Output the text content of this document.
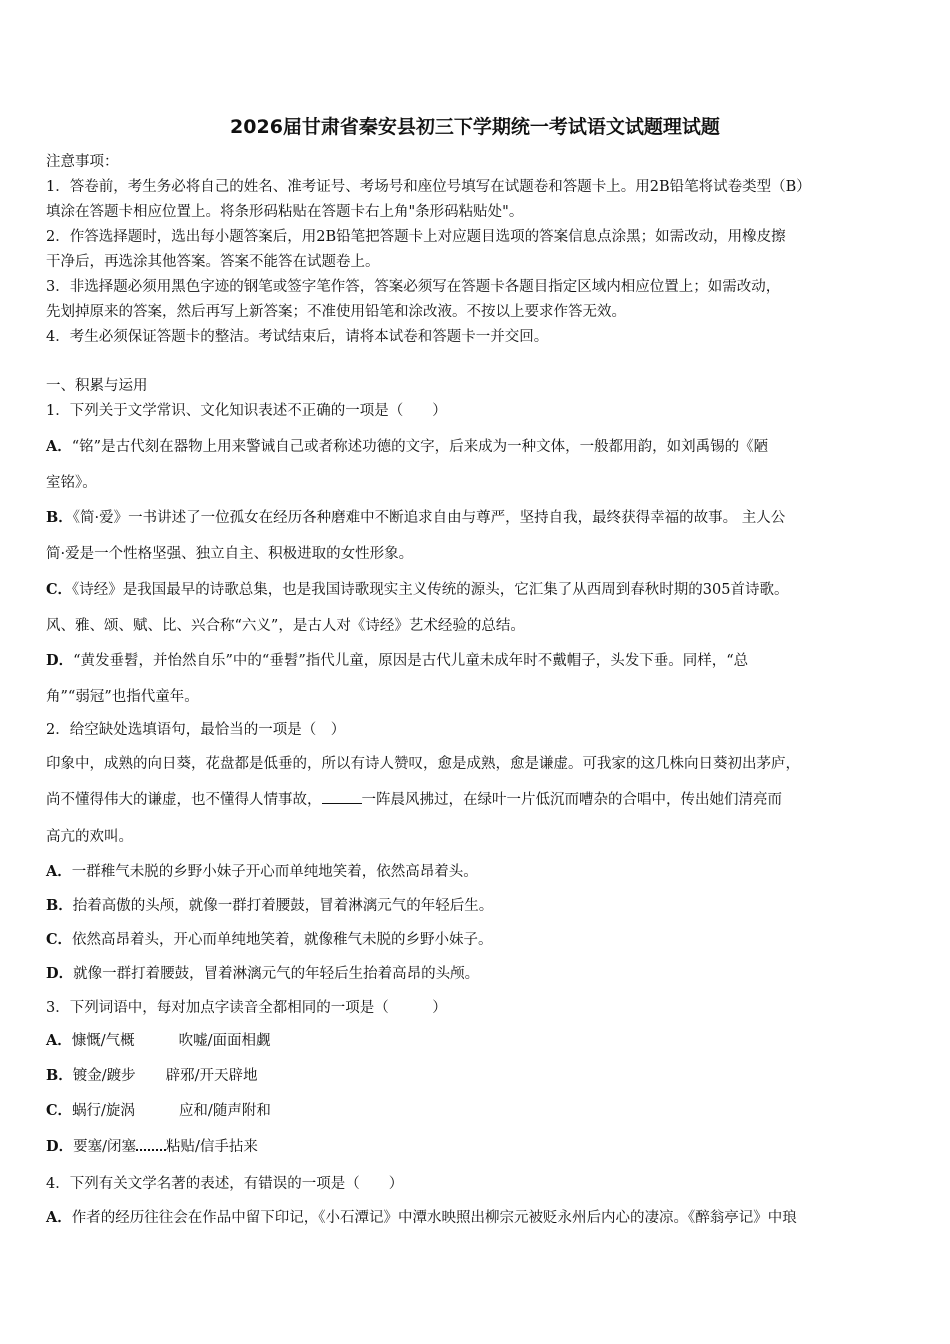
2026届甘肃省秦安县初三下学期统一考试语文试题理试题
注意事项：
1．答卷前，考生务必将自己的姓名、准考证号、考场号和座位号填写在试题卷和答题卡上。用2B铅笔将试卷类型（B）
填涂在答题卡相应位置上。将条形码粘贴在答题卡右上角"条形码粘贴处"。
2．作答选择题时，选出每小题答案后，用2B铅笔把答题卡上对应题目选项的答案信息点涂黑；如需改动，用橡皮擦
干净后，再选涂其他答案。答案不能答在试题卷上。
3．非选择题必须用黑色字迹的钢笔或签字笔作答，答案必须写在答题卡各题目指定区域内相应位置上；如需改动，
先划掉原来的答案，然后再写上新答案；不准使用铅笔和涂改液。不按以上要求作答无效。
4．考生必须保证答题卡的整洁。考试结束后，请将本试卷和答题卡一并交回。
一、积累与运用
1．下列关于文学常识、文化知识表述不正确的一项是（　　）
A．“铭”是古代刻在器物上用来警诫自己或者称述功德的文字，后来成为一种文体，一般都用韵，如刘禹锡的《陋
室铭》。
B．《简·爱》一书讲述了一位孤女在经历各种磨难中不断追求自由与尊严，坚持自我，最终获得幸福的故事。 主人公
简·爱是一个性格坚强、独立自主、积极进取的女性形象。
C．《诗经》是我国最早的诗歌总集，也是我国诗歌现实主义传统的源头，它汇集了从西周到春秋时期的305首诗歌。
风、雅、颂、赋、比、兴合称“六义”，是古人对《诗经》艺术经验的总结。
D．“黄发垂髫，并怡然自乐”中的“垂髫”指代儿童，原因是古代儿童未成年时不戴帽子，头发下垂。同样，“总
角”“弱冠”也指代童年。
2．给空缺处选填语句，最恰当的一项是（　）
印象中，成熟的向日葵，花盘都是低垂的，所以有诗人赞叹，愈是成熟，愈是谦虚。可我家的这几株向日葵初出茅庐，
尚不懂得伟大的谦虚，也不懂得人情事故，	一阵晨风拂过，在绿叶一片低沉而嘈杂的合唱中，传出她们清亮而
高亢的欢叫。
A．一群稚气未脱的乡野小妹子开心而单纯地笑着，依然高昂着头。
B．抬着高傲的头颅，就像一群打着腰鼓，冒着淋漓元气的年轻后生。
C．依然高昂着头，开心而单纯地笑着，就像稚气未脱的乡野小妹子。
D．就像一群打着腰鼓，冒着淋漓元气的年轻后生抬着高昂的头颅。
3．下列词语中，每对加点字读音全都相同的一项是（　　　）
A．慷慨/气概	吹嘘/面面相觑
B．镀金/踱步 辟邪/开天辟地
C．蜗行/旋涡	应和/随声附和
D．要塞/闭塞 粘贴/信手拈来
4．下列有关文学名著的表述，有错误的一项是（　　）
A．作者的经历往往会在作品中留下印记，《小石潭记》中潭水映照出柳宗元被贬永州后内心的凄凉。《醉翁亭记》中琅
